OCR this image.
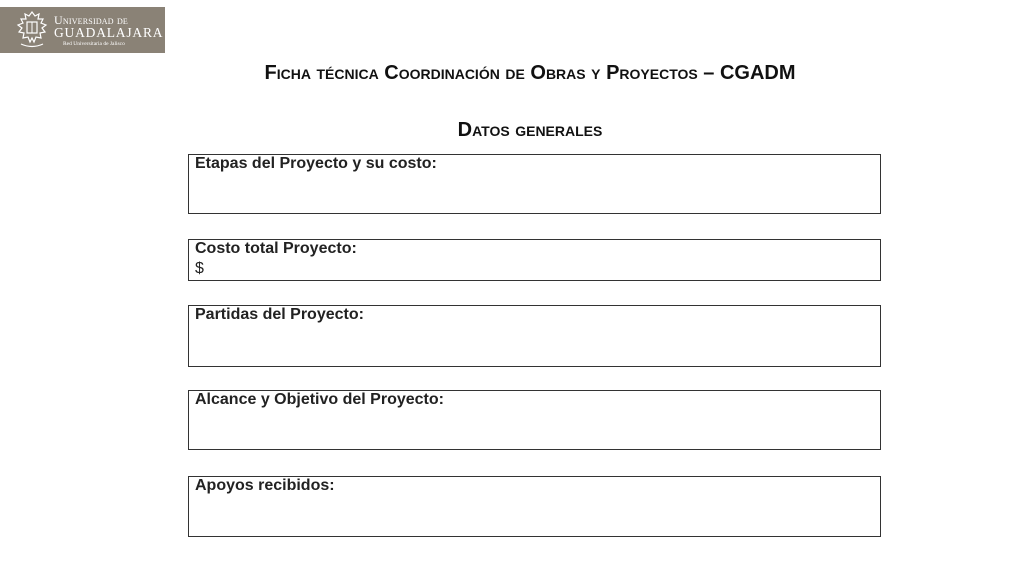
Universidad de
GUADALAJARA
Red Universitaria de Jalisco
Ficha técnica Coordinación de Obras y Proyectos – CGADM
Datos generales
Etapas del Proyecto y su costo:
Costo total Proyecto:
$
Partidas del Proyecto:
Alcance y Objetivo del Proyecto:
Apoyos recibidos:
